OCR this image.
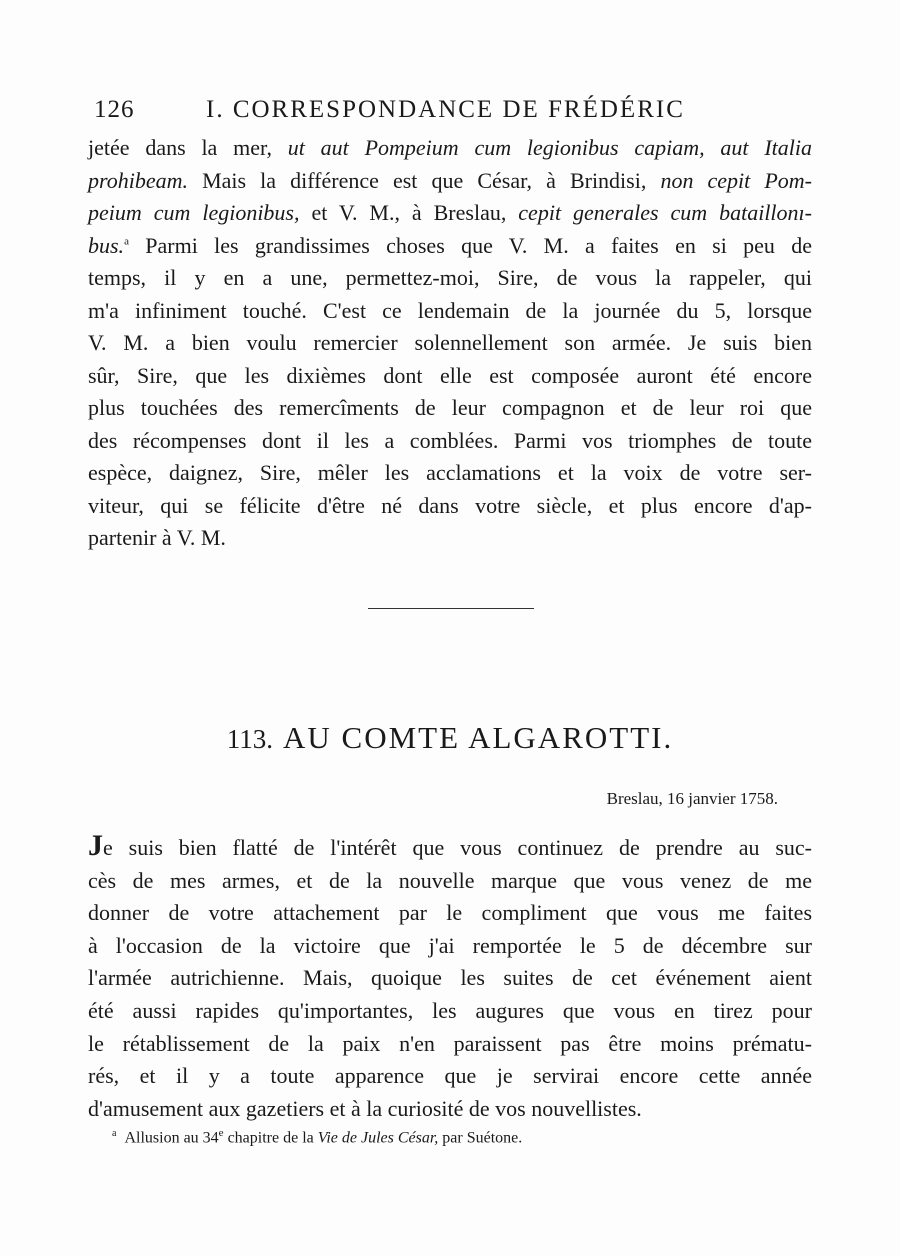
126	I. CORRESPONDANCE DE FRÉDÉRIC

jetée dans la mer, ut aut Pompeium cum legionibus capiam, aut Italia
prohibeam. Mais la différence est que César, à Brindisi, non cepit Pom-
peium cum legionibus, et V. M., à Breslau, cepit generales cum bataillonı-
bus.$^a$ Parmi les grandissimes choses que V. M. a faites en si peu de
temps, il y en a une, permettez-moi, Sire, de vous la rappeler, qui
m'a infiniment touché. C'est ce lendemain de la journée du 5, lorsque
V. M. a bien voulu remercier solennellement son armée. Je suis bien
sûr, Sire, que les dixièmes dont elle est composée auront été encore
plus touchées des remercîments de leur compagnon et de leur roi que
des récompenses dont il les a comblées. Parmi vos triomphes de toute
espèce, daignez, Sire, mêler les acclamations et la voix de votre ser-
viteur, qui se félicite d'être né dans votre siècle, et plus encore d'ap-
partenir à V. M.

113. AU COMTE ALGAROTTI.
Breslau, 16 janvier 1758.

Je suis bien flatté de l'intérêt que vous continuez de prendre au suc-
cès de mes armes, et de la nouvelle marque que vous venez de me
donner de votre attachement par le compliment que vous me faites
à l'occasion de la victoire que j'ai remportée le 5 de décembre sur
l'armée autrichienne. Mais, quoique les suites de cet événement aient
été aussi rapides qu'importantes, les augures que vous en tirez pour
le rétablissement de la paix n'en paraissent pas être moins prématu-
rés, et il y a toute apparence que je servirai encore cette année
d'amusement aux gazetiers et à la curiosité de vos nouvellistes.

$^a$ Allusion au 34e chapitre de la Vie de Jules César, par Suétone.
